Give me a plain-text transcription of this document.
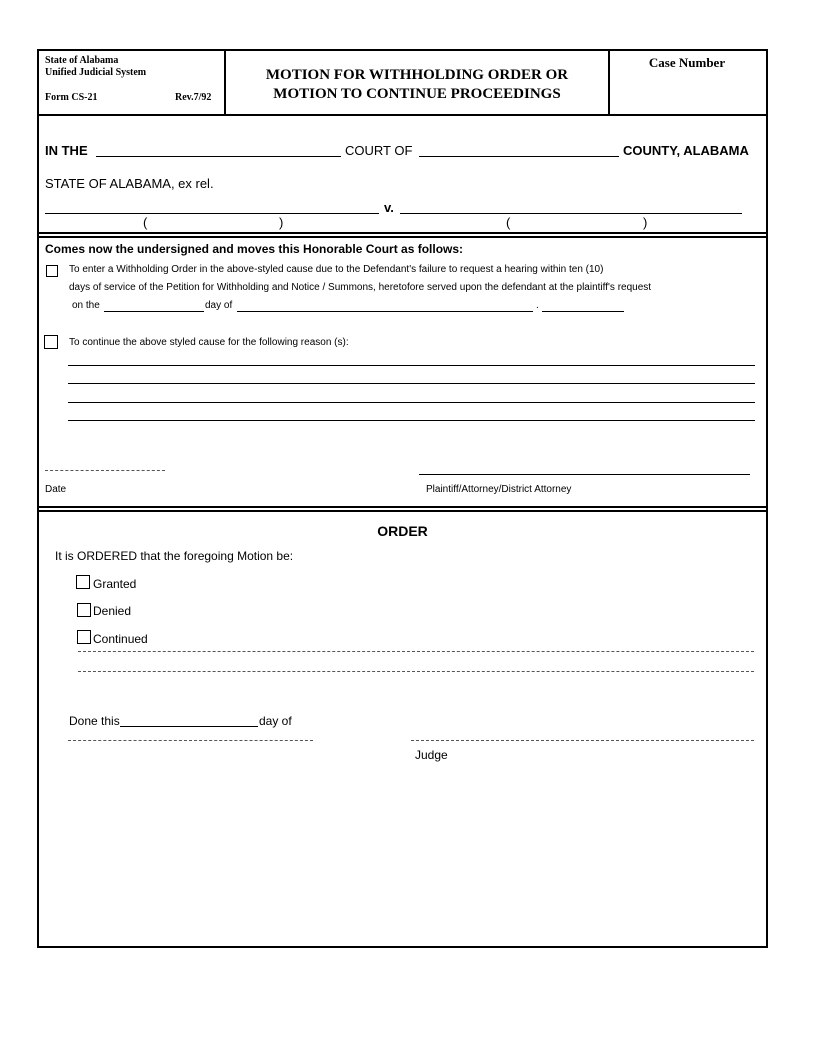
State of Alabama
Unified Judicial System
Form CS-21	Rev.7/92
MOTION FOR WITHHOLDING ORDER OR
MOTION TO CONTINUE PROCEEDINGS
Case Number
IN THE	COURT OF	COUNTY, ALABAMA
STATE OF ALABAMA, ex rel.
v.
(	)	(	)
Comes now the undersigned and moves this Honorable Court as follows:
To enter a Withholding Order in the above-styled cause due to the Defendant's failure to request a hearing within ten (10)
days of service of the Petition for Withholding and Notice / Summons, heretofore served upon the defendant at the plaintiff's request
on the	day of	.
To continue the above styled cause for the following reason (s):
Date	Plaintiff/Attorney/District Attorney
ORDER
It is ORDERED that the foregoing Motion be:
Granted
Denied
Continued
Done this	day of
Judge
